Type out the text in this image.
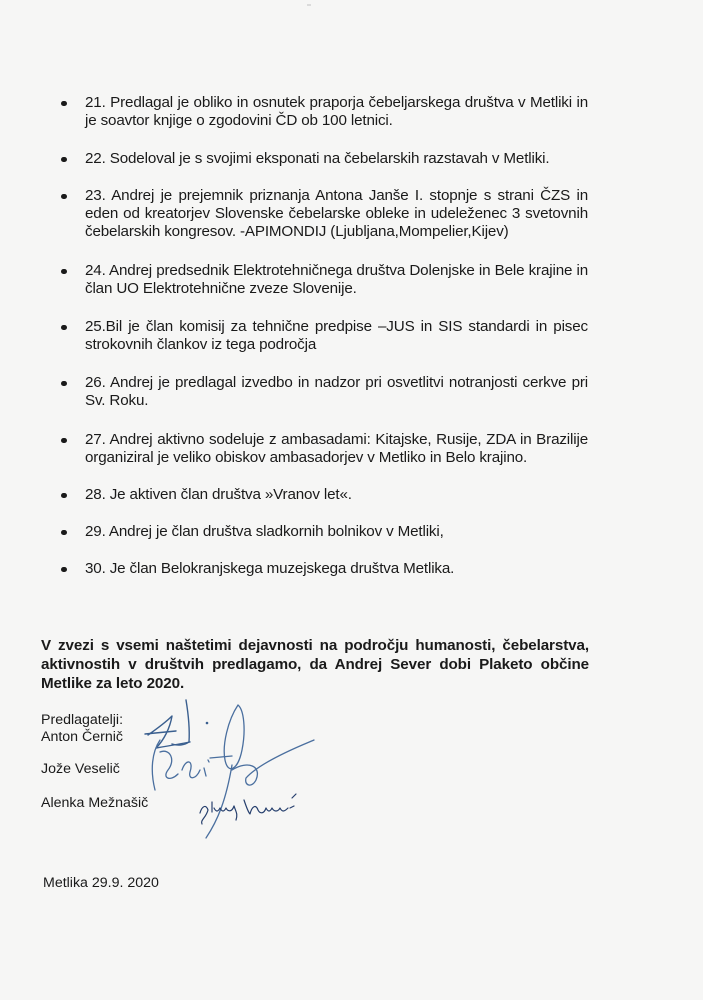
21. Predlagal je obliko in osnutek praporja čebeljarskega društva v Metliki in je soavtor knjige o zgodovini ČD ob 100 letnici.
22. Sodeloval je s svojimi eksponati na čebelarskih razstavah v Metliki.
23. Andrej je prejemnik priznanja Antona Janše I. stopnje s strani ČZS in eden od kreatorjev Slovenske čebelarske obleke in udeleženec 3 svetovnih čebelarskih kongresov. -APIMONDIJ (Ljubljana,Mompelier,Kijev)
24. Andrej predsednik Elektrotehničnega društva Dolenjske in Bele krajine in član UO Elektrotehnične zveze Slovenije.
25.Bil je član komisij za tehnične predpise –JUS in SIS standardi in pisec strokovnih člankov iz tega področja
26. Andrej je predlagal izvedbo in nadzor pri osvetlitvi notranjosti cerkve pri Sv. Roku.
27. Andrej aktivno sodeluje z ambasadami: Kitajske, Rusije, ZDA in Brazilije organiziral je veliko obiskov ambasadorjev v Metliko in Belo krajino.
28. Je aktiven član društva »Vranov let«.
29. Andrej je član društva sladkornih bolnikov v Metliki,
30. Je član Belokranjskega muzejskega društva Metlika.

V zvezi s vsemi naštetimi dejavnosti na področju humanosti, čebelarstva, aktivnostih v društvih predlagamo, da Andrej Sever dobi Plaketo občine Metlike za leto 2020.

Predlagatelji:
Anton Černič
Jože Veselič
Alenka Mežnašič
Metlika 29.9. 2020
